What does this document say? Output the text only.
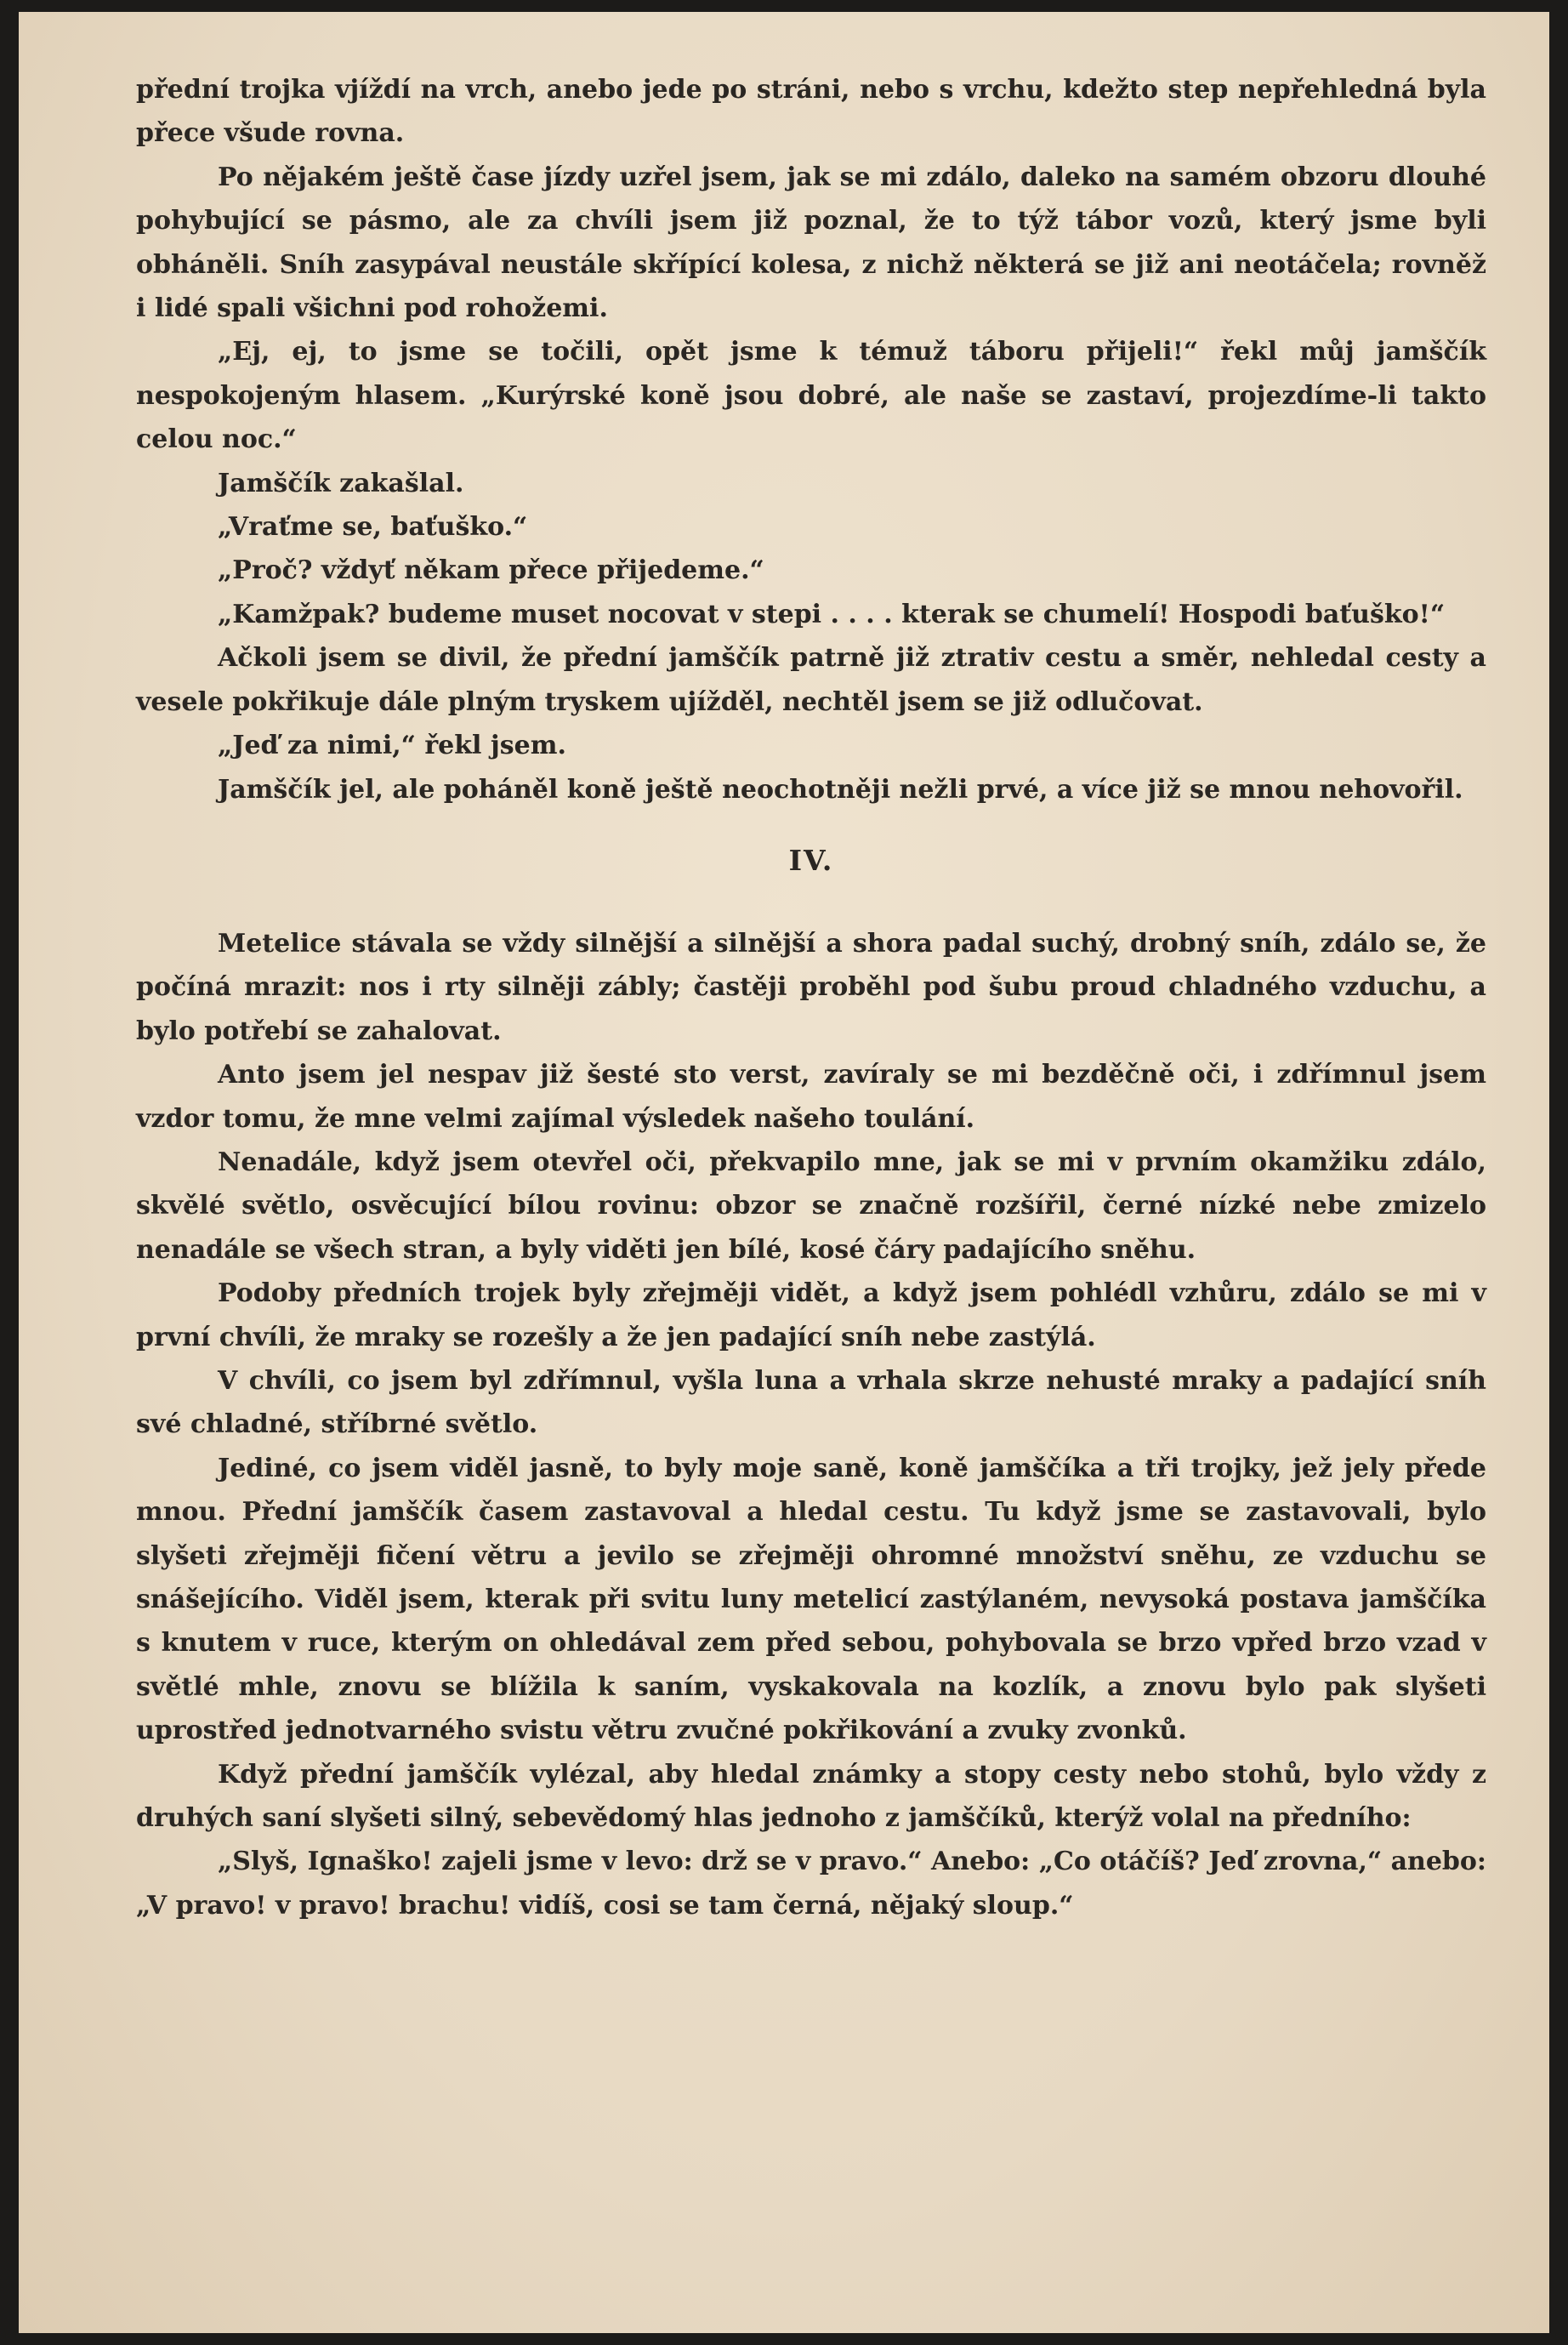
přední trojka vjíždí na vrch, anebo jede po stráni, nebo s vrchu, kdežto step nepřehledná byla přece všude rovna.

Po nějakém ještě čase jízdy uzřel jsem, jak se mi zdálo, daleko na samém obzoru dlouhé pohybující se pásmo, ale za chvíli jsem již poznal, že to týž tábor vozů, který jsme byli obháněli. Sníh zasypával neustále skřípící kolesa, z nichž některá se již ani neotáčela; rovněž i lidé spali všichni pod rohožemi.

„Ej, ej, to jsme se točili, opět jsme k témuž táboru přijeli!“ řekl můj jamščík nespokojeným hlasem. „Kurýrské koně jsou dobré, ale naše se zastaví, projezdíme-li takto celou noc.“

Jamščík zakašlal.

„Vraťme se, baťuško.“

„Proč? vždyť někam přece přijedeme.“

„Kamžpak? budeme muset nocovat v stepi . . . . kterak se chumelí! Hospodi baťuško!“

Ačkoli jsem se divil, že přední jamščík patrně již ztrativ cestu a směr, nehledal cesty a vesele pokřikuje dále plným tryskem ujížděl, nechtěl jsem se již odlučovat.

„Jeď za nimi,“ řekl jsem.

Jamščík jel, ale poháněl koně ještě neochotněji nežli prvé, a více již se mnou nehovořil.

IV.

Metelice stávala se vždy silnější a silnější a shora padal suchý, drobný sníh, zdálo se, že počíná mrazit: nos i rty silněji zábly; častěji proběhl pod šubu proud chladného vzduchu, a bylo potřebí se zahalovat.

Anto jsem jel nespav již šesté sto verst, zavíraly se mi bezděčně oči, i zdřímnul jsem vzdor tomu, že mne velmi zajímal výsledek našeho toulání.

Nenadále, když jsem otevřel oči, překvapilo mne, jak se mi v prvním okamžiku zdálo, skvělé světlo, osvěcující bílou rovinu: obzor se značně rozšířil, černé nízké nebe zmizelo nenadále se všech stran, a byly viděti jen bílé, kosé čáry padajícího sněhu.

Podoby předních trojek byly zřejměji vidět, a když jsem pohlédl vzhůru, zdálo se mi v první chvíli, že mraky se rozešly a že jen padající sníh nebe zastýlá.

V chvíli, co jsem byl zdřímnul, vyšla luna a vrhala skrze nehusté mraky a padající sníh své chladné, stříbrné světlo.

Jediné, co jsem viděl jasně, to byly moje saně, koně jamščíka a tři trojky, jež jely přede mnou. Přední jamščík časem zastavoval a hledal cestu. Tu když jsme se zastavovali, bylo slyšeti zřejměji fičení větru a jevilo se zřejměji ohromné množství sněhu, ze vzduchu se snášejícího. Viděl jsem, kterak při svitu luny metelicí zastýlaném, nevysoká postava jamščíka s knutem v ruce, kterým on ohledával zem před sebou, pohybovala se brzo vpřed brzo vzad v světlé mhle, znovu se blížila k saním, vyskakovala na kozlík, a znovu bylo pak slyšeti uprostřed jednotvarného svistu větru zvučné pokřikování a zvuky zvonků.

Když přední jamščík vylézal, aby hledal známky a stopy cesty nebo stohů, bylo vždy z druhých saní slyšeti silný, sebevědomý hlas jednoho z jamščíků, kterýž volal na předního:

„Slyš, Ignaško! zajeli jsme v levo: drž se v pravo.“ Anebo: „Co otáčíš? Jeď zrovna,“ anebo: „V pravo! v pravo! brachu! vidíš, cosi se tam černá, nějaký sloup.“
